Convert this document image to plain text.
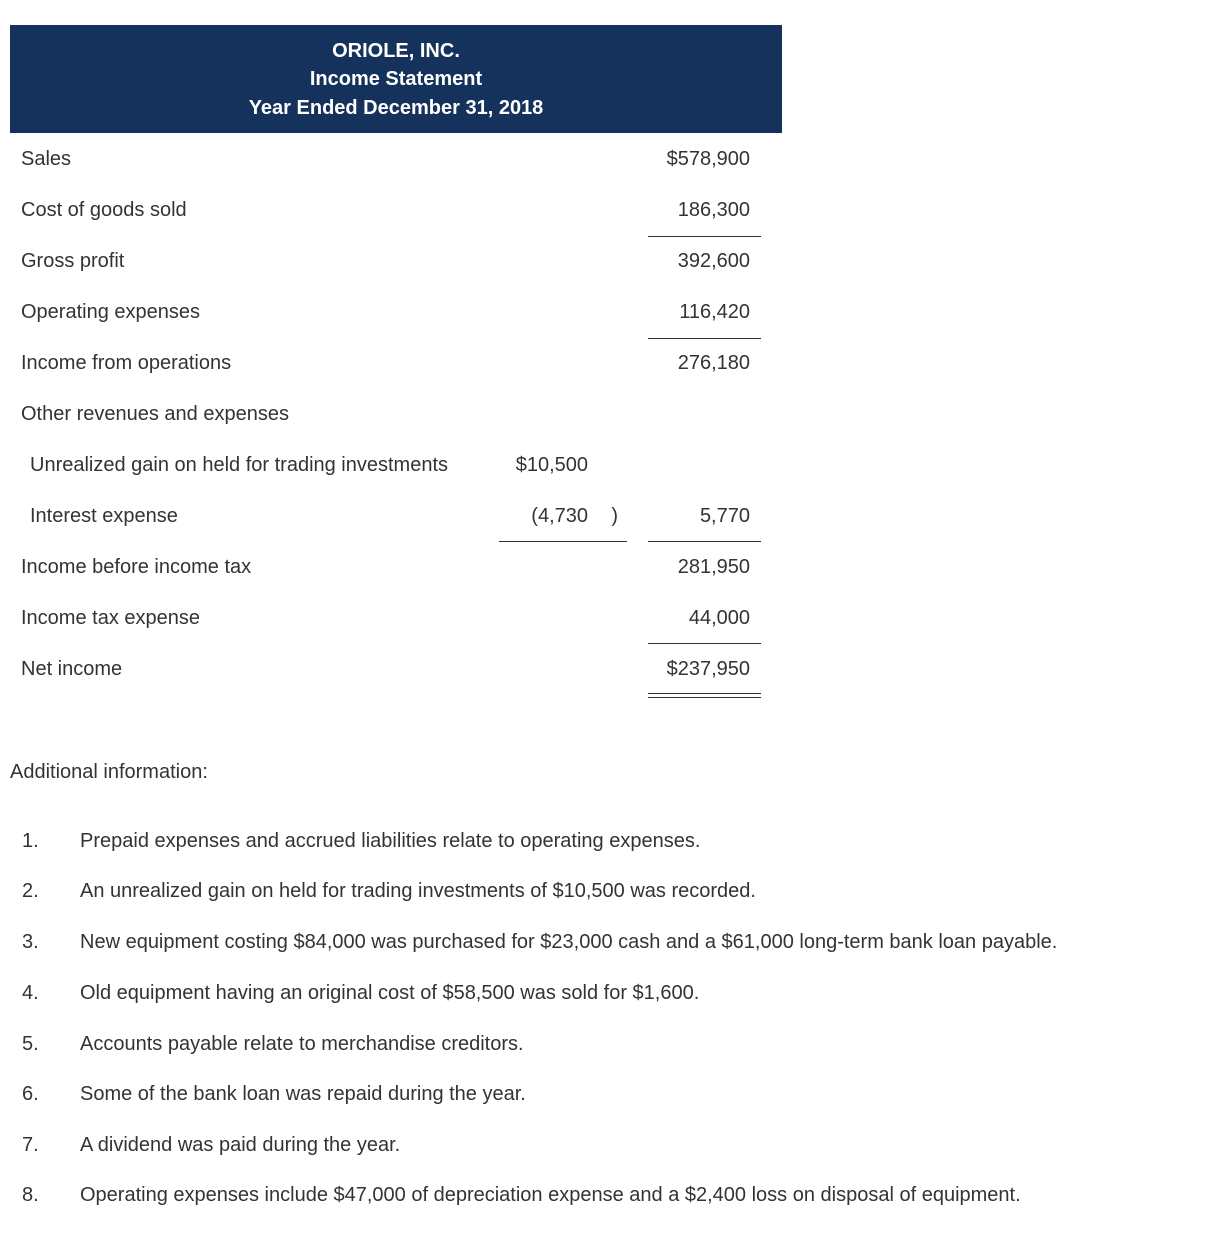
ORIOLE, INC.
Income Statement
Year Ended December 31, 2018
Sales	$578,900
Cost of goods sold	186,300
Gross profit	392,600
Operating expenses	116,420
Income from operations	276,180
Other revenues and expenses
Unrealized gain on held for trading investments	$10,500
Interest expense	(4,730 )	5,770
Income before income tax	281,950
Income tax expense	44,000
Net income	$237,950
Additional information:
1. Prepaid expenses and accrued liabilities relate to operating expenses.
2. An unrealized gain on held for trading investments of $10,500 was recorded.
3. New equipment costing $84,000 was purchased for $23,000 cash and a $61,000 long-term bank loan payable.
4. Old equipment having an original cost of $58,500 was sold for $1,600.
5. Accounts payable relate to merchandise creditors.
6. Some of the bank loan was repaid during the year.
7. A dividend was paid during the year.
8. Operating expenses include $47,000 of depreciation expense and a $2,400 loss on disposal of equipment.
